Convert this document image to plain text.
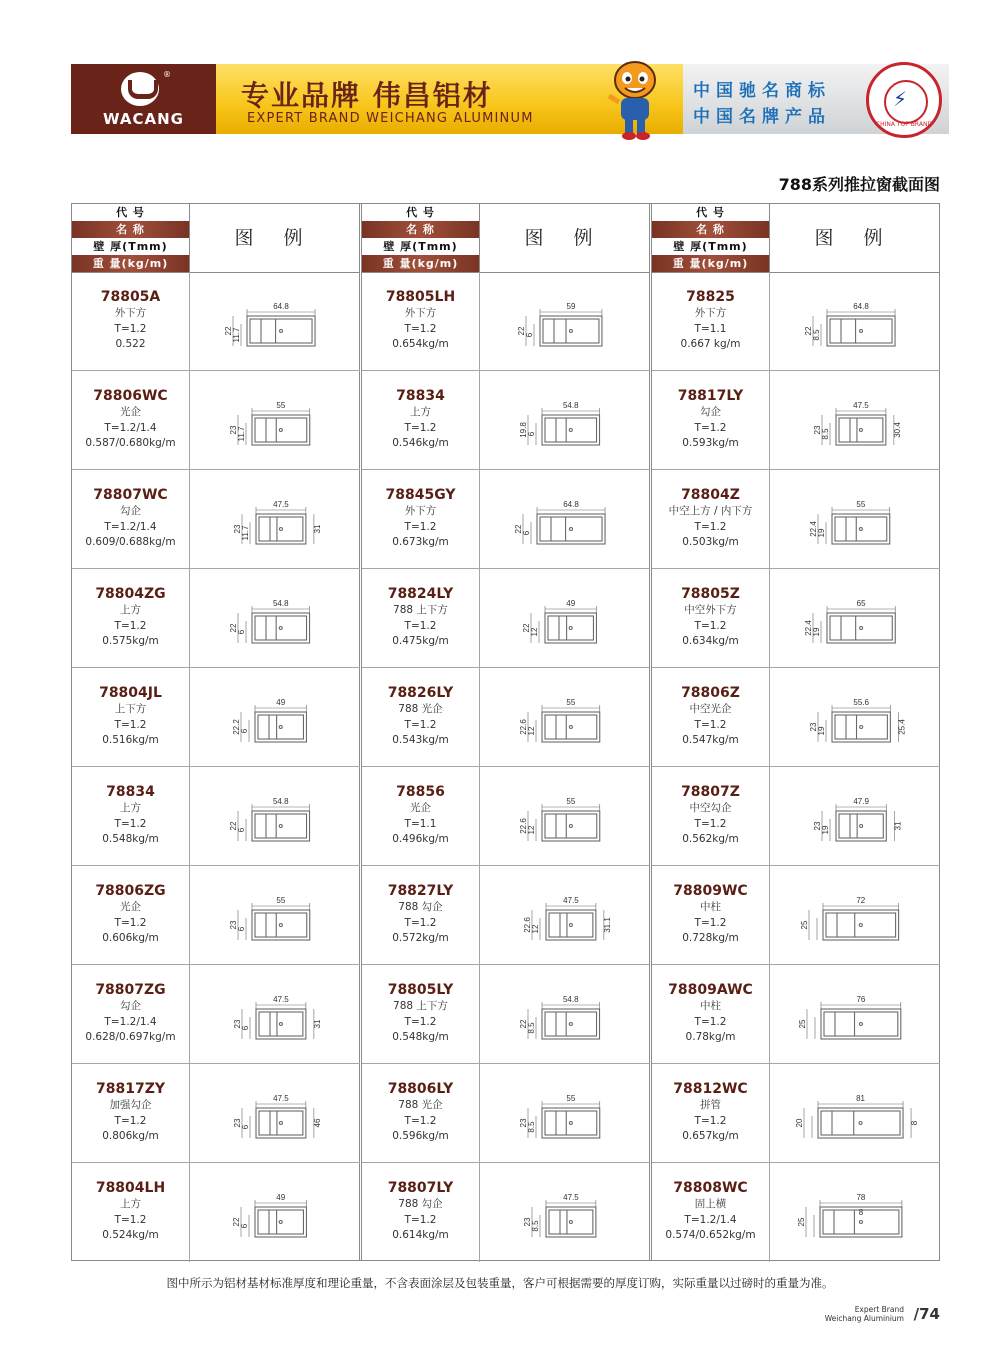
®
WACANG
专业品牌 伟昌铝材
EXPERT BRAND WEICHANG ALUMINUM
中国驰名商标
中国名牌产品
⚡
CHINA TOP BRAND
788系列推拉窗截面图
代 号
名 称
壁 厚(Tmm)
重 量(kg/m)
图 例
78805A
外下方
T=1.2
0.522
64.8
22 11.7
78806WC
光企
T=1.2/1.4
0.587/0.680kg/m
55
23 11.7
78807WC
勾企
T=1.2/1.4
0.609/0.688kg/m
47.5
23 11.7	31
78804ZG
上方
T=1.2
0.575kg/m
54.8
22 6
78804JL
上下方
T=1.2
0.516kg/m
49
22.2 6
78834
上方
T=1.2
0.548kg/m
54.8
22 6
78806ZG
光企
T=1.2
0.606kg/m
55
23 6
78807ZG
勾企
T=1.2/1.4
0.628/0.697kg/m
47.5
23 6	31
78817ZY
加强勾企
T=1.2
0.806kg/m
47.5
23 6	46
78804LH
上方
T=1.2
0.524kg/m
49
22 6
代 号
名 称
壁 厚(Tmm)
重 量(kg/m)
图 例
78805LH
外下方
T=1.2
0.654kg/m
59
22 6
78834
上方
T=1.2
0.546kg/m
54.8
19.8 6
78845GY
外下方
T=1.2
0.673kg/m
64.8
22 6
78824LY
788 上下方
T=1.2
0.475kg/m
49
22 12
78826LY
788 光企
T=1.2
0.543kg/m
55
22.6 12
78856
光企
T=1.1
0.496kg/m
55
22.6 12
78827LY
788 勾企
T=1.2
0.572kg/m
47.5
22.6 12	31.1
78805LY
788 上下方
T=1.2
0.548kg/m
54.8
22 8.5
78806LY
788 光企
T=1.2
0.596kg/m
55
23 8.5
78807LY
788 勾企
T=1.2
0.614kg/m
47.5
23 8.5
代 号
名 称
壁 厚(Tmm)
重 量(kg/m)
图 例
78825
外下方
T=1.1
0.667 kg/m
64.8
22 8.5
78817LY
勾企
T=1.2
0.593kg/m
47.5
23 8.5	30.4
78804Z
中空上方 / 内下方
T=1.2
0.503kg/m
55
22.4 19
78805Z
中空外下方
T=1.2
0.634kg/m
65
22.4 19
78806Z
中空光企
T=1.2
0.547kg/m
55.6
23 19	25.4
78807Z
中空勾企
T=1.2
0.562kg/m
47.9
23 19	31
78809WC
中柱
T=1.2
0.728kg/m
72
25
78809AWC
中柱
T=1.2
0.78kg/m
76
25
78812WC
拼管
T=1.2
0.657kg/m
81
20	8
78808WC
固上横
T=1.2/1.4
0.574/0.652kg/m
78
25
8
图中所示为铝材基材标准厚度和理论重量，不含表面涂层及包装重量，客户可根据需要的厚度订购，实际重量以过磅时的重量为准。
Expert Brand
Weichang Aluminium /74
